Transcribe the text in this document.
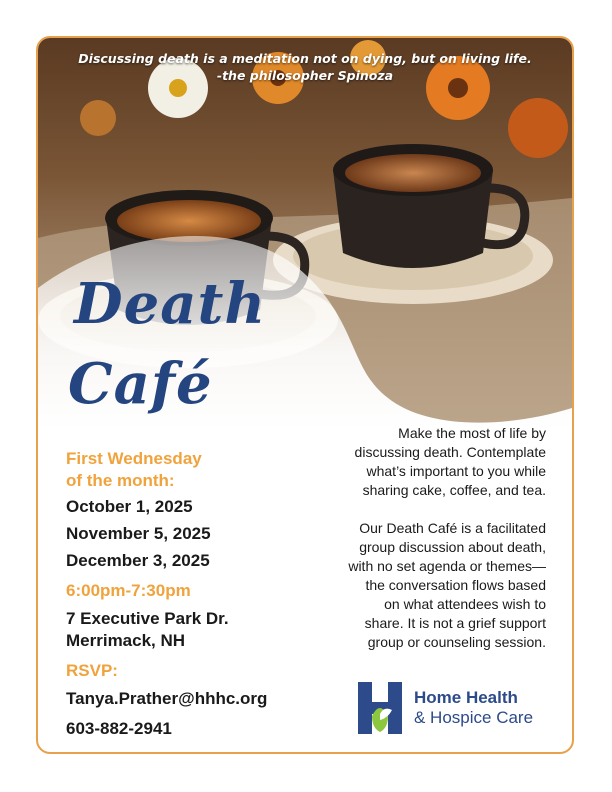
Discussing death is a meditation not on dying, but on living life.
-the philosopher Spinoza
Death
Café
First Wednesday
of the month:
October 1, 2025
November 5, 2025
December 3, 2025
6:00pm-7:30pm
7 Executive Park Dr.
Merrimack, NH
RSVP:
Tanya.Prather@hhhc.org
603-882-2941
Make the most of life by
discussing death. Contemplate
what’s important to you while
sharing cake, coffee, and tea.
Our Death Café is a facilitated
group discussion about death,
with no set agenda or themes—
the conversation flows based
on what attendees wish to
share. It is not a grief support
group or counseling session.
Home Health
& Hospice Care
